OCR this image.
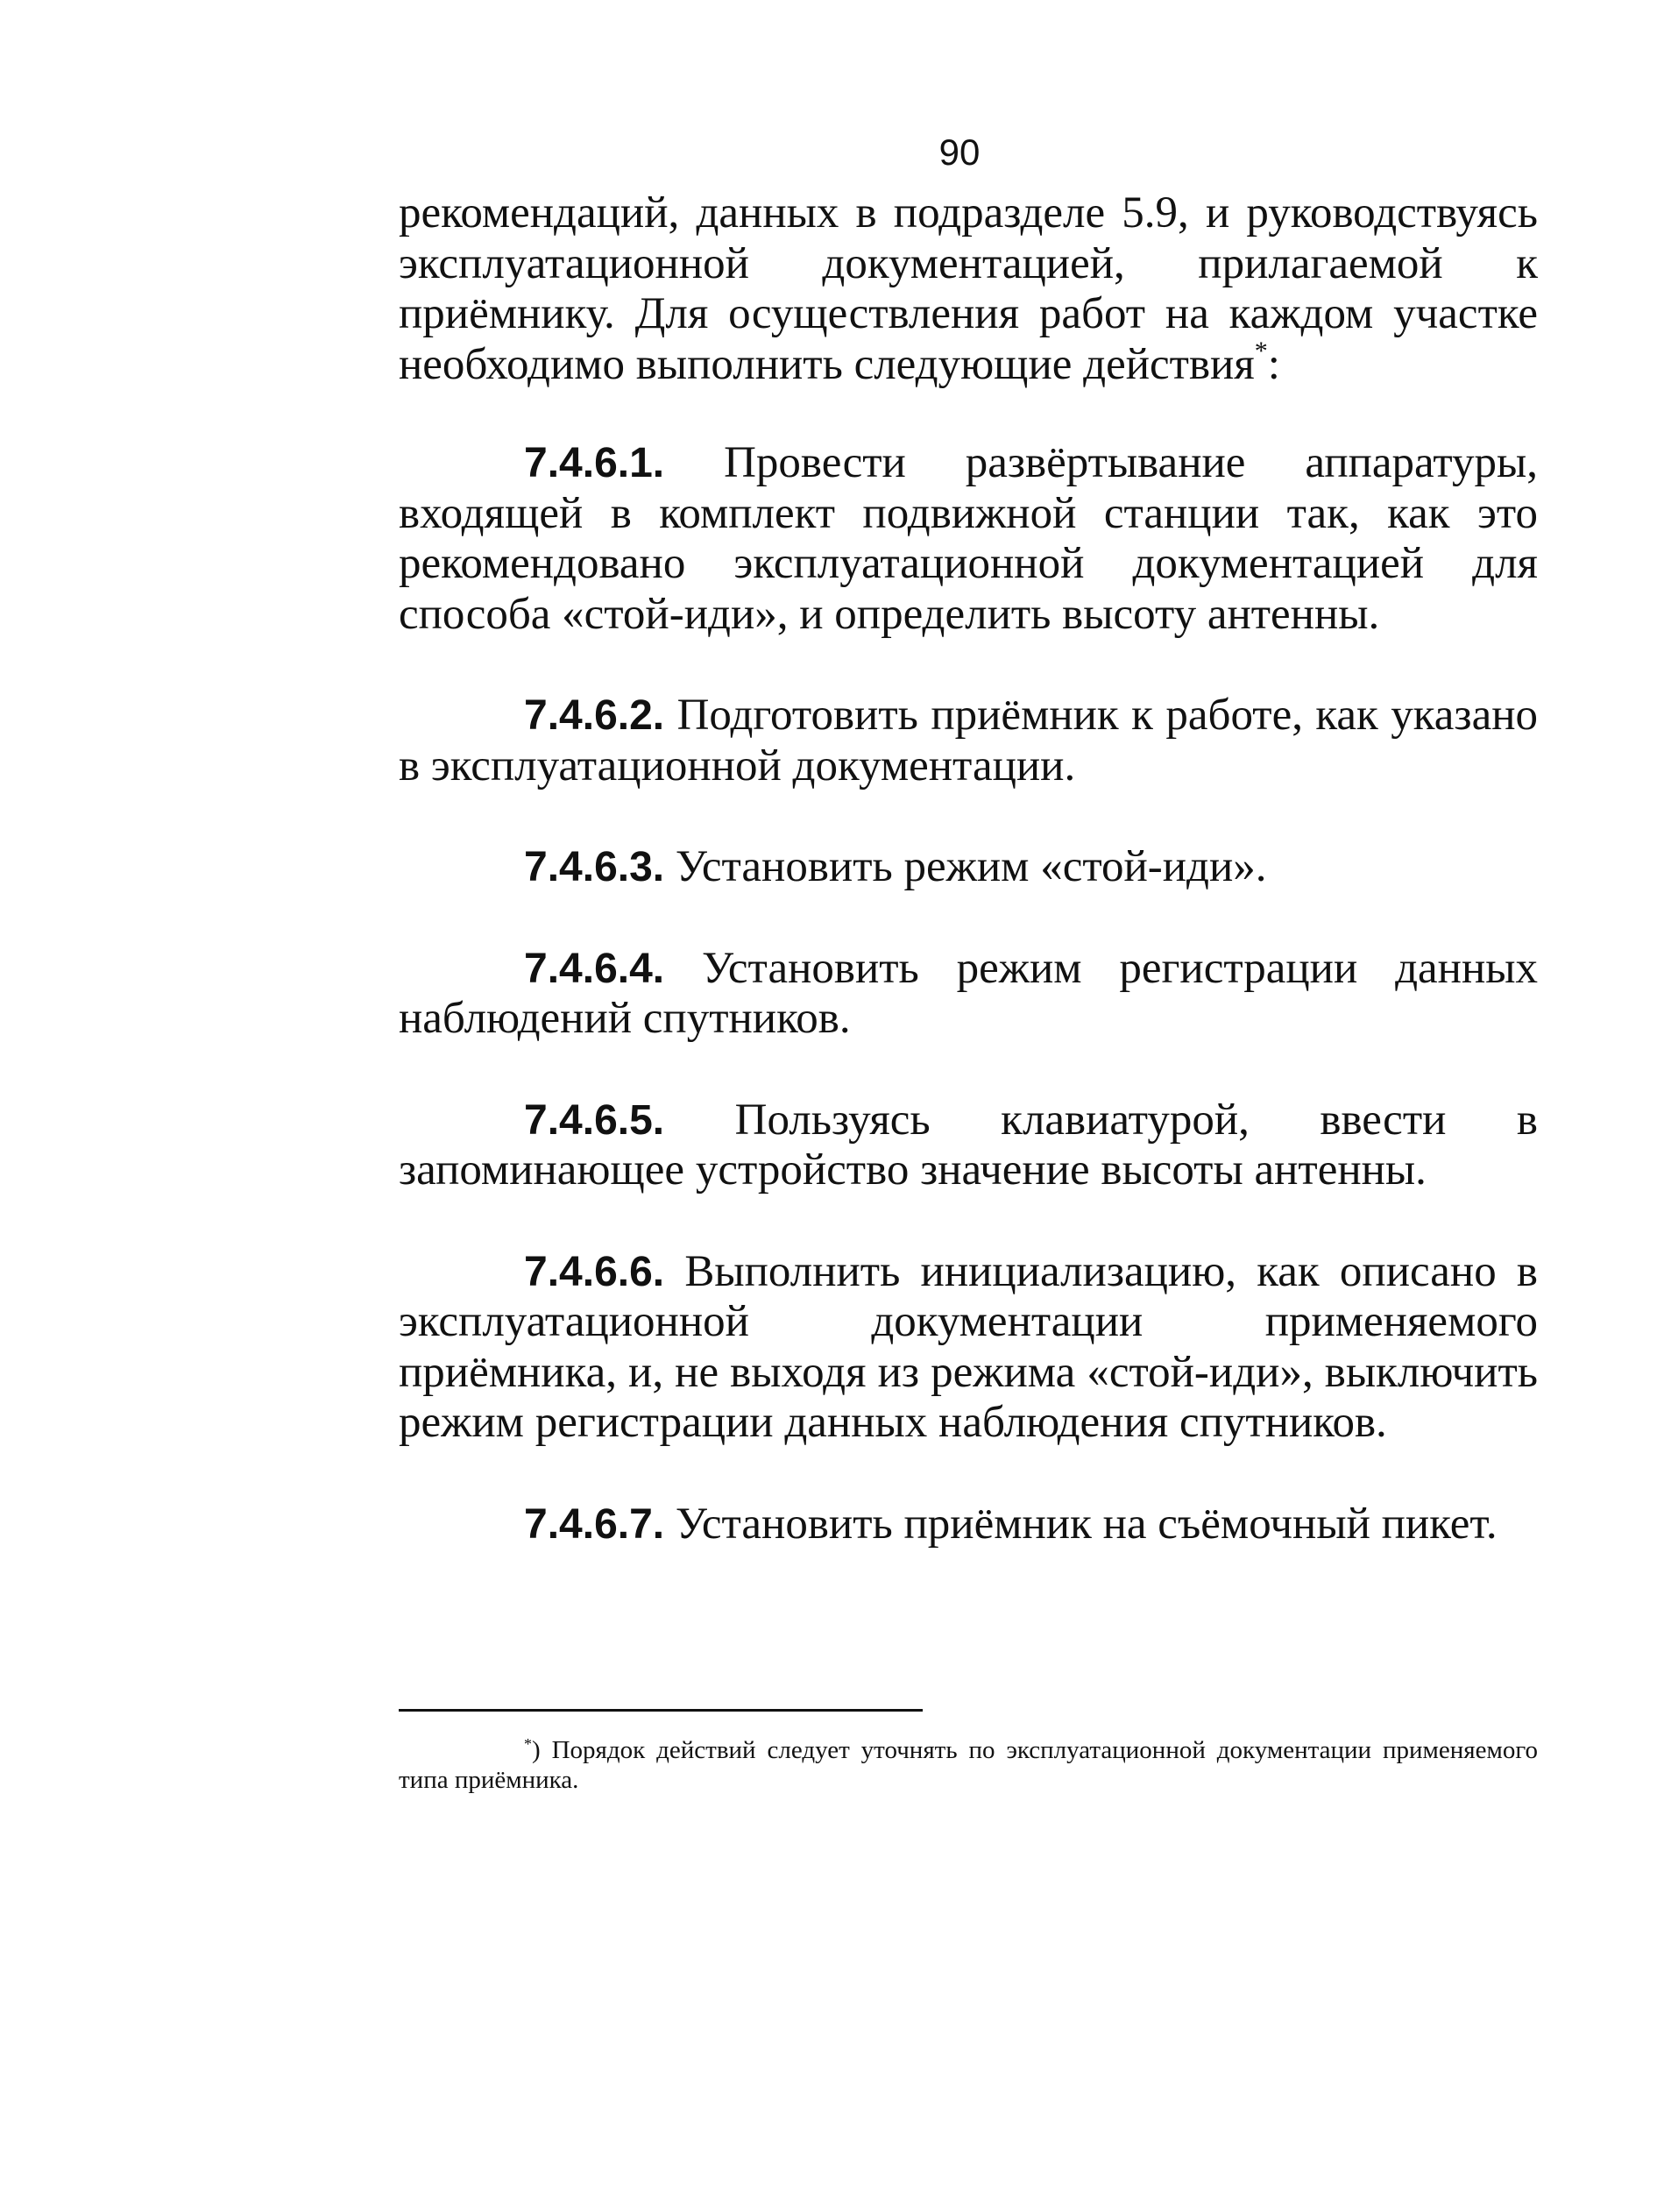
90

рекомендаций, данных в подразделе 5.9, и руководствуясь эксплуатационной документацией, прилагаемой к приёмнику. Для осуществления работ на каждом участке необходимо выполнить следующие действия*:

7.4.6.1. Провести развёртывание аппаратуры, входящей в комплект подвижной станции так, как это рекомендовано эксплуатационной документацией для способа «стой-иди», и определить высоту антенны.

7.4.6.2. Подготовить приёмник к работе, как указано в эксплуатационной документации.

7.4.6.3. Установить режим «стой-иди».

7.4.6.4. Установить режим регистрации данных наблюдений спутников.

7.4.6.5. Пользуясь клавиатурой, ввести в запоминающее устройство значение высоты антенны.

7.4.6.6. Выполнить инициализацию, как описано в эксплуатационной документации применяемого приёмника, и, не выходя из режима «стой-иди», выключить режим регистрации данных наблюдения спутников.

7.4.6.7. Установить приёмник на съёмочный пикет.

*) Порядок действий следует уточнять по эксплуатационной документации применяемого типа приёмника.
